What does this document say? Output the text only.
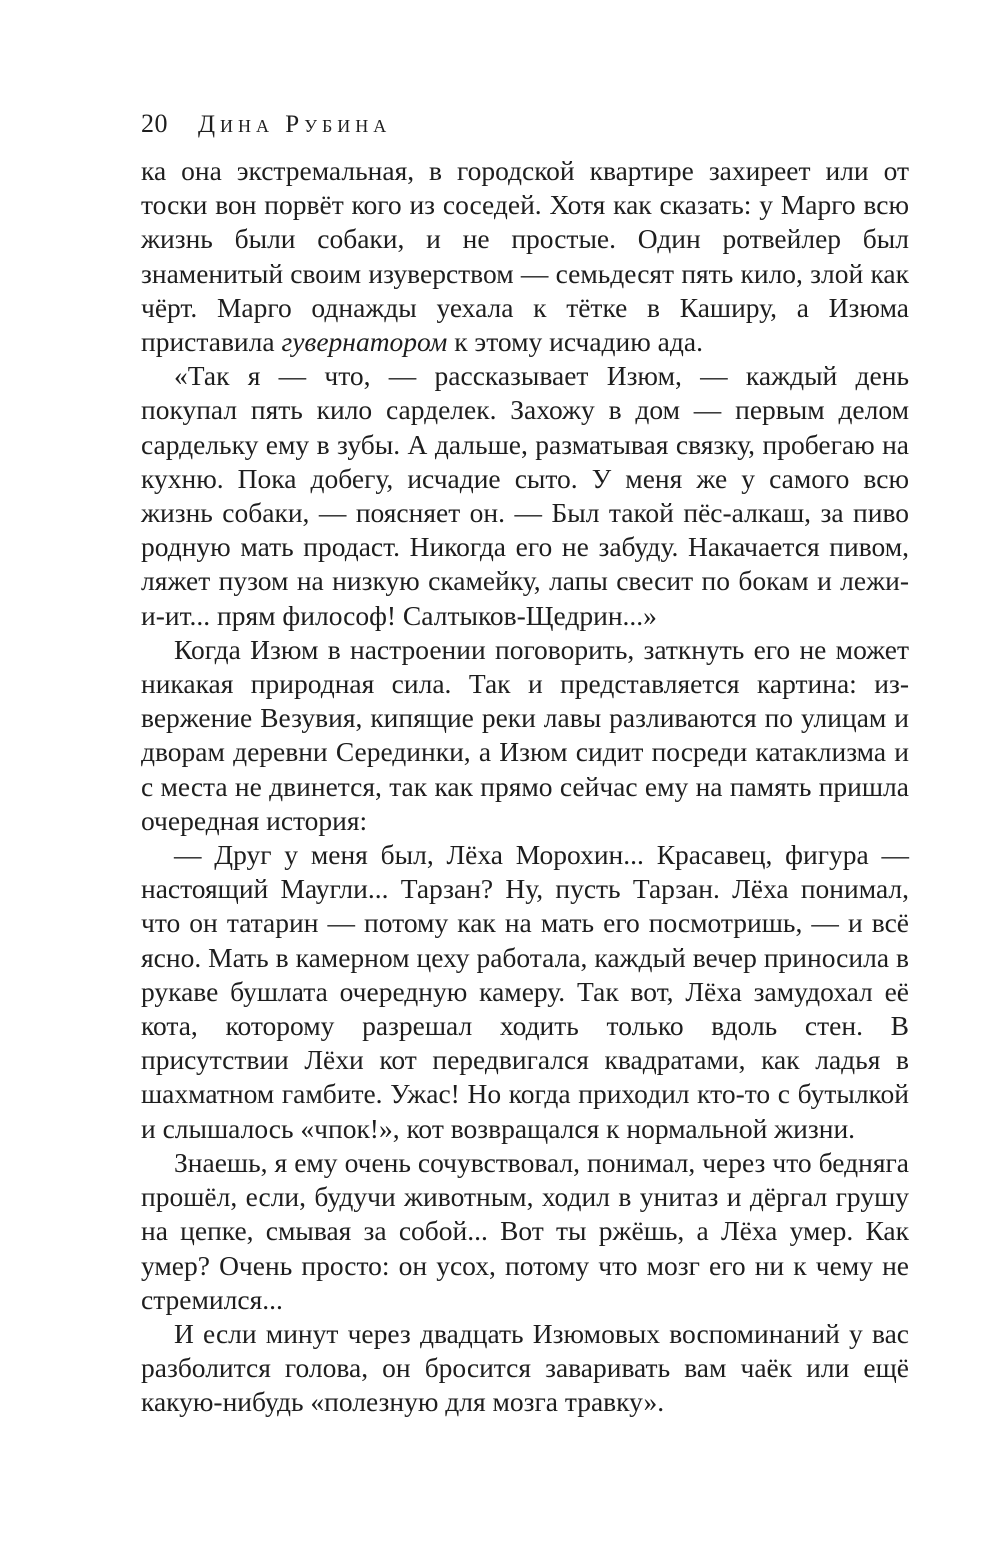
20 Дина Рубина

ка она экстремальная, в городской квартире захиреет или от тоски вон порвёт кого из соседей. Хотя как сказать: у Марго всю жизнь были собаки, и не простые. Один ротвейлер был знаменитый своим изуверством — семьдесят пять кило, злой как чёрт. Марго однажды уехала к тётке в Каширу, а Изюма приставила гувернатором к этому исчадию ада.

«Так я — что, — рассказывает Изюм, — каждый день покупал пять кило сарделек. Захожу в дом — первым делом сардельку ему в зубы. А дальше, разматывая связку, пробегаю на кухню. Пока добегу, исчадие сыто. У меня же у самого всю жизнь собаки, — поясняет он. — Был такой пёс-алкаш, за пиво родную мать продаст. Никогда его не забуду. Накачается пивом, ляжет пузом на низкую скамейку, лапы свесит по бокам и лежи-и-ит... прям философ! Салтыков-Щедрин...»

Когда Изюм в настроении поговорить, заткнуть его не может никакая природная сила. Так и представляется картина: извержение Везувия, кипящие реки лавы разливаются по улицам и дворам деревни Серединки, а Изюм сидит посреди катаклизма и с места не двинется, так как прямо сейчас ему на память пришла очередная история:

— Друг у меня был, Лёха Морохин... Красавец, фигура — настоящий Маугли... Тарзан? Ну, пусть Тарзан. Лёха понимал, что он татарин — потому как на мать его посмотришь, — и всё ясно. Мать в камерном цеху работала, каждый вечер приносила в рукаве бушлата очередную камеру. Так вот, Лёха замудохал её кота, которому разрешал ходить только вдоль стен. В присутствии Лёхи кот передвигался квадратами, как ладья в шахматном гамбите. Ужас! Но когда приходил кто-то с бутылкой и слышалось «чпок!», кот возвращался к нормальной жизни.

Знаешь, я ему очень сочувствовал, понимал, через что бедняга прошёл, если, будучи животным, ходил в унитаз и дёргал грушу на цепке, смывая за собой... Вот ты ржёшь, а Лёха умер. Как умер? Очень просто: он усох, потому что мозг его ни к чему не стремился...

И если минут через двадцать Изюмовых воспоминаний у вас разболится голова, он бросится заваривать вам чаёк или ещё какую-нибудь «полезную для мозга травку».
